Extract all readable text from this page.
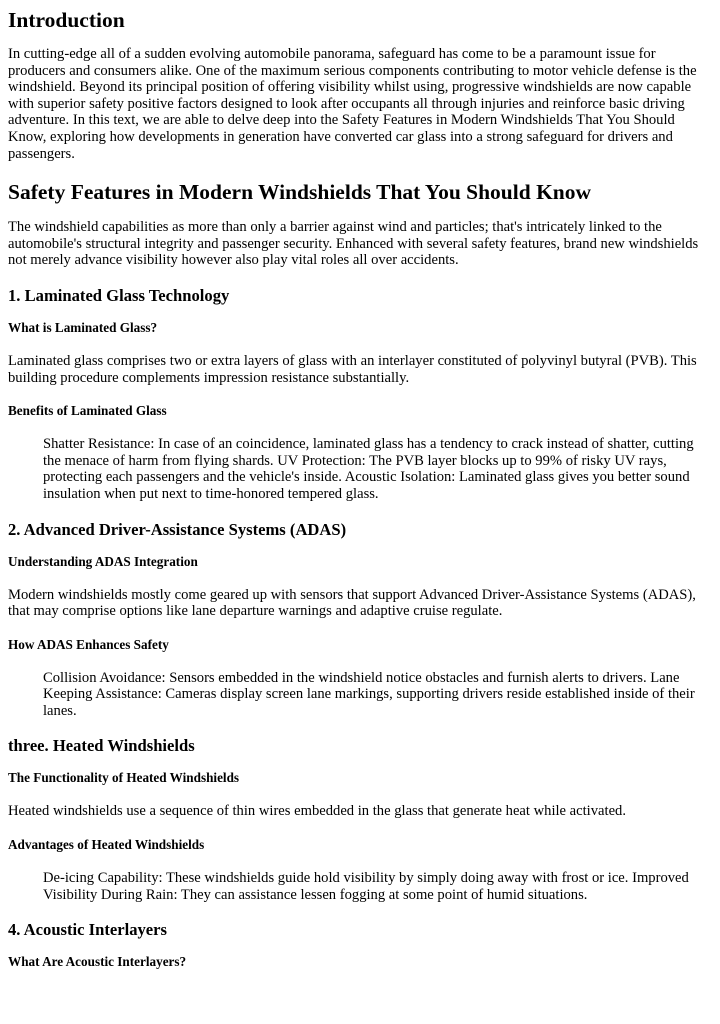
Introduction

In cutting-edge all of a sudden evolving automobile panorama, safeguard has come to be a paramount issue for producers and consumers alike. One of the maximum serious components contributing to motor vehicle defense is the windshield. Beyond its principal position of offering visibility whilst using, progressive windshields are now capable with superior safety positive factors designed to look after occupants all through injuries and reinforce basic driving adventure. In this text, we are able to delve deep into the Safety Features in Modern Windshields That You Should Know, exploring how developments in generation have converted car glass into a strong safeguard for drivers and passengers.

Safety Features in Modern Windshields That You Should Know

The windshield capabilities as more than only a barrier against wind and particles; that's intricately linked to the automobile's structural integrity and passenger security. Enhanced with several safety features, brand new windshields not merely advance visibility however also play vital roles all over accidents.

1. Laminated Glass Technology
What is Laminated Glass?

Laminated glass comprises two or extra layers of glass with an interlayer constituted of polyvinyl butyral (PVB). This building procedure complements impression resistance substantially.

Benefits of Laminated Glass
Shatter Resistance: In case of an coincidence, laminated glass has a tendency to crack instead of shatter, cutting the menace of harm from flying shards. UV Protection: The PVB layer blocks up to 99% of risky UV rays, protecting each passengers and the vehicle's inside. Acoustic Isolation: Laminated glass gives you better sound insulation when put next to time-honored tempered glass.
2. Advanced Driver-Assistance Systems (ADAS)
Understanding ADAS Integration

Modern windshields mostly come geared up with sensors that support Advanced Driver-Assistance Systems (ADAS), that may comprise options like lane departure warnings and adaptive cruise regulate.

How ADAS Enhances Safety
Collision Avoidance: Sensors embedded in the windshield notice obstacles and furnish alerts to drivers. Lane Keeping Assistance: Cameras display screen lane markings, supporting drivers reside established inside of their lanes.
three. Heated Windshields
The Functionality of Heated Windshields

Heated windshields use a sequence of thin wires embedded in the glass that generate heat while activated.

Advantages of Heated Windshields
De-icing Capability: These windshields guide hold visibility by simply doing away with frost or ice. Improved Visibility During Rain: They can assistance lessen fogging at some point of humid situations.
4. Acoustic Interlayers
What Are Acoustic Interlayers?
